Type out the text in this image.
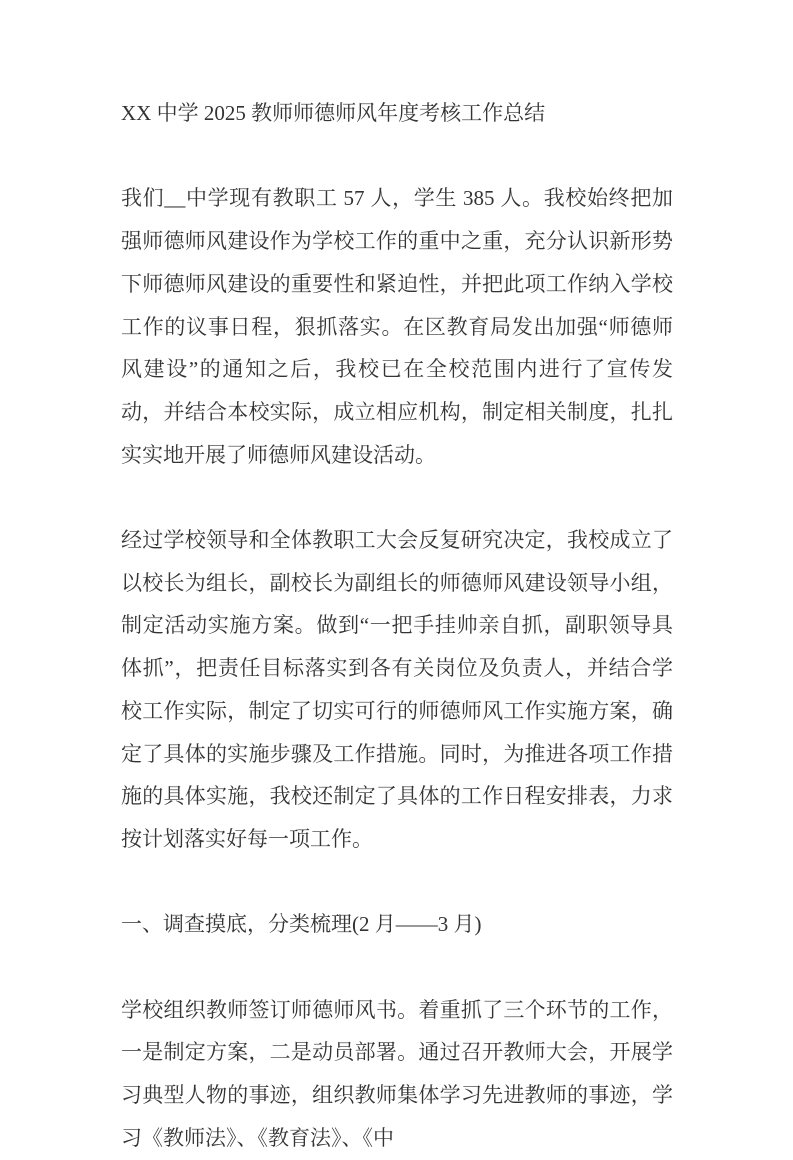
XX 中学 2025 教师师德师风年度考核工作总结

我们__中学现有教职工 57 人，学生 385 人。我校始终把加强师德师风建设作为学校工作的重中之重，充分认识新形势下师德师风建设的重要性和紧迫性，并把此项工作纳入学校工作的议事日程，狠抓落实。在区教育局发出加强“师德师风建设”的通知之后，我校已在全校范围内进行了宣传发动，并结合本校实际，成立相应机构，制定相关制度，扎扎实实地开展了师德师风建设活动。

经过学校领导和全体教职工大会反复研究决定，我校成立了以校长为组长，副校长为副组长的师德师风建设领导小组，制定活动实施方案。做到“一把手挂帅亲自抓，副职领导具体抓”，把责任目标落实到各有关岗位及负责人，并结合学校工作实际，制定了切实可行的师德师风工作实施方案，确定了具体的实施步骤及工作措施。同时，为推进各项工作措施的具体实施，我校还制定了具体的工作日程安排表，力求按计划落实好每一项工作。

一、调查摸底，分类梳理(2 月——3 月)

学校组织教师签订师德师风书。着重抓了三个环节的工作，一是制定方案，二是动员部署。通过召开教师大会，开展学习典型人物的事迹，组织教师集体学习先进教师的事迹，学习《教师法》、《教育法》、《中
